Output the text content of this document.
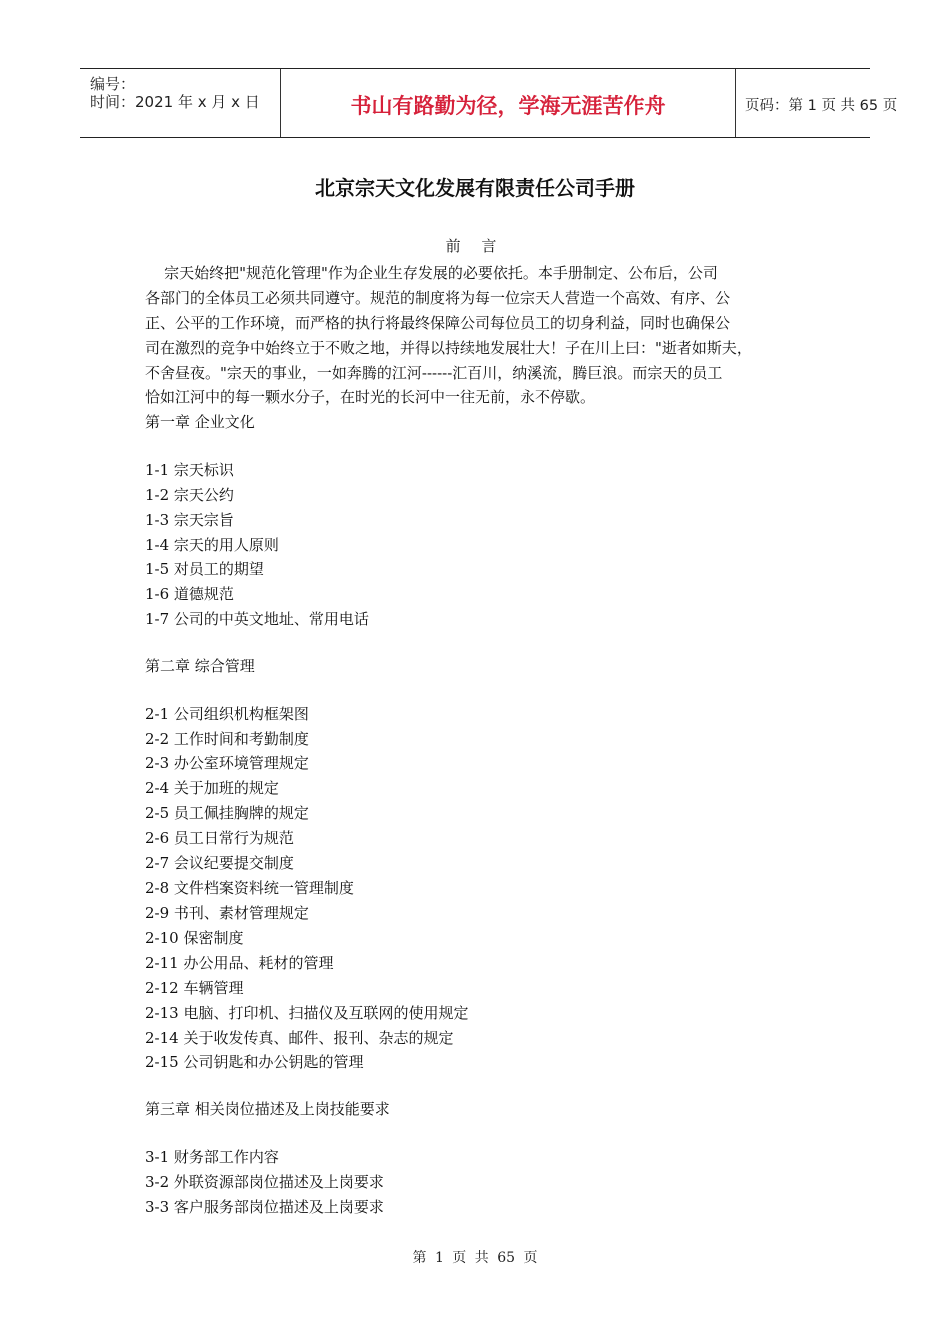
编号：
时间：2021 年 x 月 x 日	书山有路勤为径，学海无涯苦作舟	页码：第 1 页 共 65 页
北京宗天文化发展有限责任公司手册
前 言
宗天始终把"规范化管理"作为企业生存发展的必要依托。本手册制定、公布后，公司
各部门的全体员工必须共同遵守。规范的制度将为每一位宗天人营造一个高效、有序、公
正、公平的工作环境，而严格的执行将最终保障公司每位员工的切身利益，同时也确保公
司在激烈的竞争中始终立于不败之地，并得以持续地发展壮大！子在川上曰："逝者如斯夫，
不舍昼夜。"宗天的事业，一如奔腾的江河------汇百川，纳溪流，腾巨浪。而宗天的员工
恰如江河中的每一颗水分子，在时光的长河中一往无前，永不停歇。
第一章 企业文化
1-1 宗天标识
1-2 宗天公约
1-3 宗天宗旨
1-4 宗天的用人原则
1-5 对员工的期望
1-6 道德规范
1-7 公司的中英文地址、常用电话
第二章 综合管理
2-1 公司组织机构框架图
2-2 工作时间和考勤制度
2-3 办公室环境管理规定
2-4 关于加班的规定
2-5 员工佩挂胸牌的规定
2-6 员工日常行为规范
2-7 会议纪要提交制度
2-8 文件档案资料统一管理制度
2-9 书刊、素材管理规定
2-10 保密制度
2-11 办公用品、耗材的管理
2-12 车辆管理
2-13 电脑、打印机、扫描仪及互联网的使用规定
2-14 关于收发传真、邮件、报刊、杂志的规定
2-15 公司钥匙和办公钥匙的管理
第三章 相关岗位描述及上岗技能要求
3-1 财务部工作内容
3-2 外联资源部岗位描述及上岗要求
3-3 客户服务部岗位描述及上岗要求
第 1 页 共 65 页
